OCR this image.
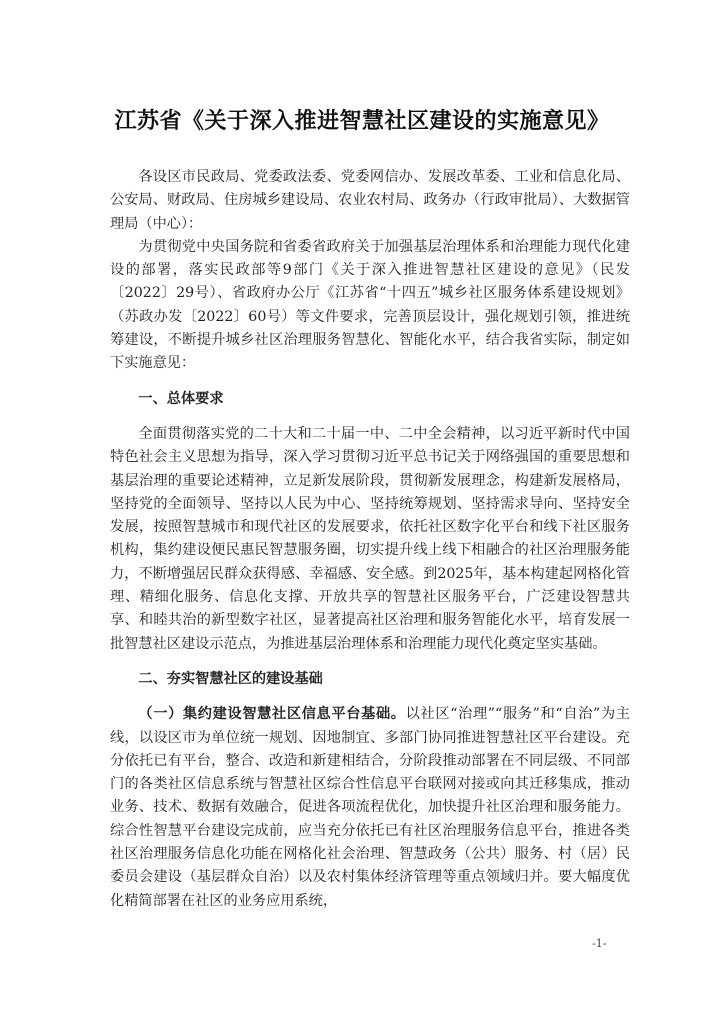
江苏省《关于深入推进智慧社区建设的实施意见》

各设区市民政局、党委政法委、党委网信办、发展改革委、工业和信息化局、公安局、财政局、住房城乡建设局、农业农村局、政务办（行政审批局）、大数据管理局（中心）：

为贯彻党中央国务院和省委省政府关于加强基层治理体系和治理能力现代化建设的部署，落实民政部等9部门《关于深入推进智慧社区建设的意见》（民发〔2022〕29号）、省政府办公厅《江苏省“十四五”城乡社区服务体系建设规划》（苏政办发〔2022〕60号）等文件要求，完善顶层设计，强化规划引领，推进统筹建设，不断提升城乡社区治理服务智慧化、智能化水平，结合我省实际，制定如下实施意见：

一、总体要求

全面贯彻落实党的二十大和二十届一中、二中全会精神，以习近平新时代中国特色社会主义思想为指导，深入学习贯彻习近平总书记关于网络强国的重要思想和基层治理的重要论述精神，立足新发展阶段，贯彻新发展理念，构建新发展格局，坚持党的全面领导、坚持以人民为中心、坚持统筹规划、坚持需求导向、坚持安全发展，按照智慧城市和现代社区的发展要求，依托社区数字化平台和线下社区服务机构，集约建设便民惠民智慧服务圈，切实提升线上线下相融合的社区治理服务能力，不断增强居民群众获得感、幸福感、安全感。到2025年，基本构建起网格化管理、精细化服务、信息化支撑、开放共享的智慧社区服务平台，广泛建设智慧共享、和睦共治的新型数字社区，显著提高社区治理和服务智能化水平，培育发展一批智慧社区建设示范点，为推进基层治理体系和治理能力现代化奠定坚实基础。

二、夯实智慧社区的建设基础

（一）集约建设智慧社区信息平台基础。以社区“治理”“服务”和“自治”为主线，以设区市为单位统一规划、因地制宜、多部门协同推进智慧社区平台建设。充分依托已有平台，整合、改造和新建相结合，分阶段推动部署在不同层级、不同部门的各类社区信息系统与智慧社区综合性信息平台联网对接或向其迁移集成，推动业务、技术、数据有效融合，促进各项流程优化，加快提升社区治理和服务能力。综合性智慧平台建设完成前，应当充分依托已有社区治理服务信息平台，推进各类社区治理服务信息化功能在网格化社会治理、智慧政务（公共）服务、村（居）民委员会建设（基层群众自治）以及农村集体经济管理等重点领域归并。要大幅度优化精简部署在社区的业务应用系统，

-1-
